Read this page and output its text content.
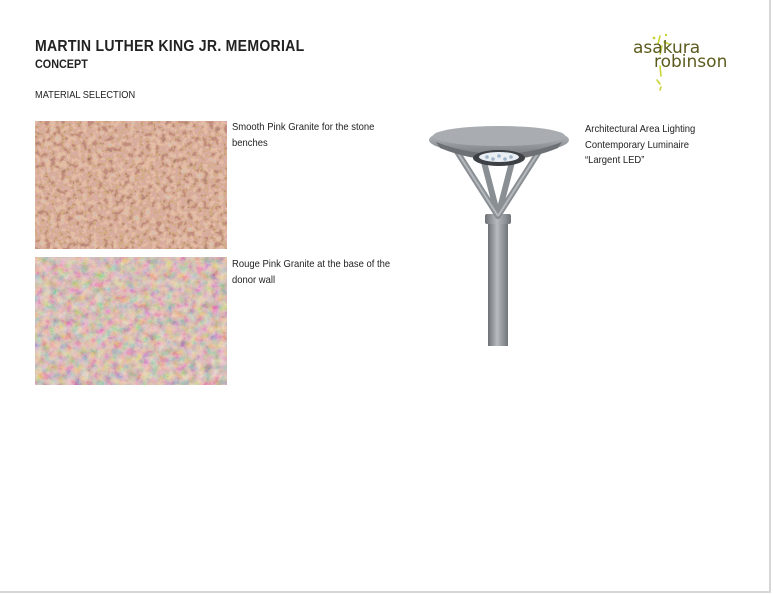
MARTIN LUTHER KING JR. MEMORIAL
CONCEPT
MATERIAL SELECTION
asakura
robinson
Smooth Pink Granite for the stone benches
Rouge Pink Granite at the base of the donor wall
Architectural Area Lighting
Contemporary Luminaire
“Largent LED”
